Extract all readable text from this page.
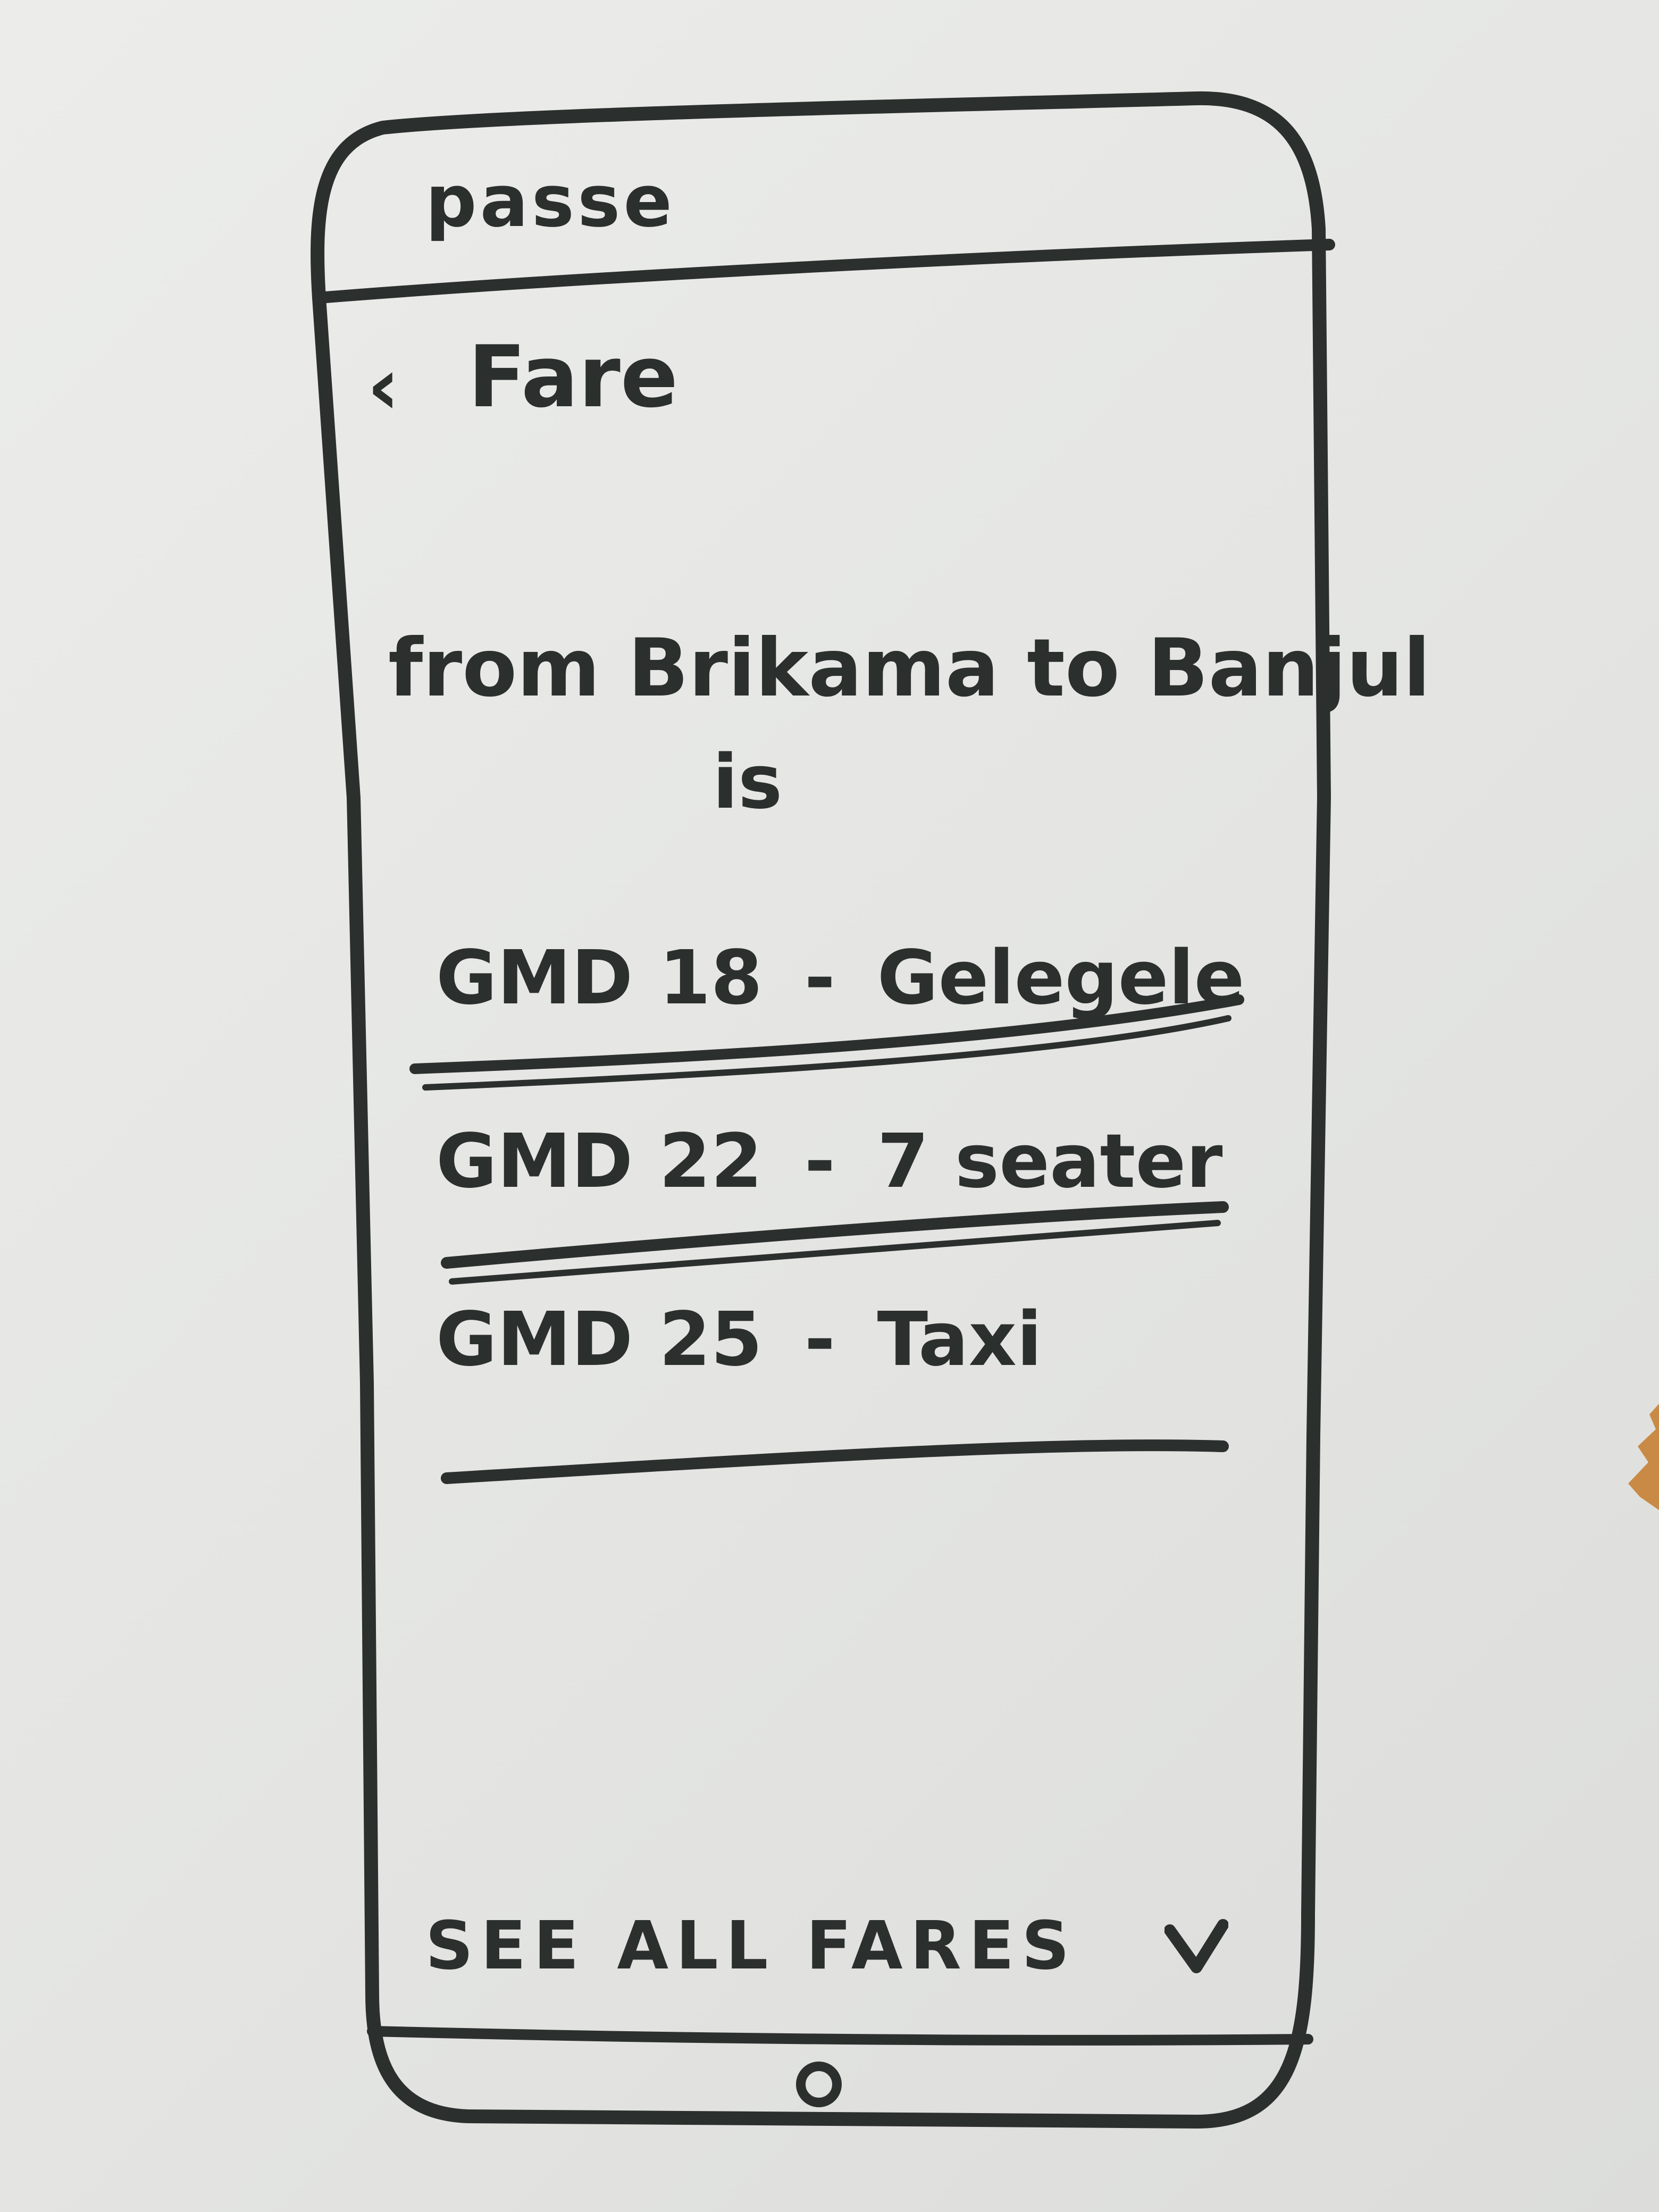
passe
‹ Fare
from Brikama to Banjul
is
GMD 18 - Gelegele
GMD 22 - 7 seater
GMD 25 - Taxi
SEE ALL FARES
